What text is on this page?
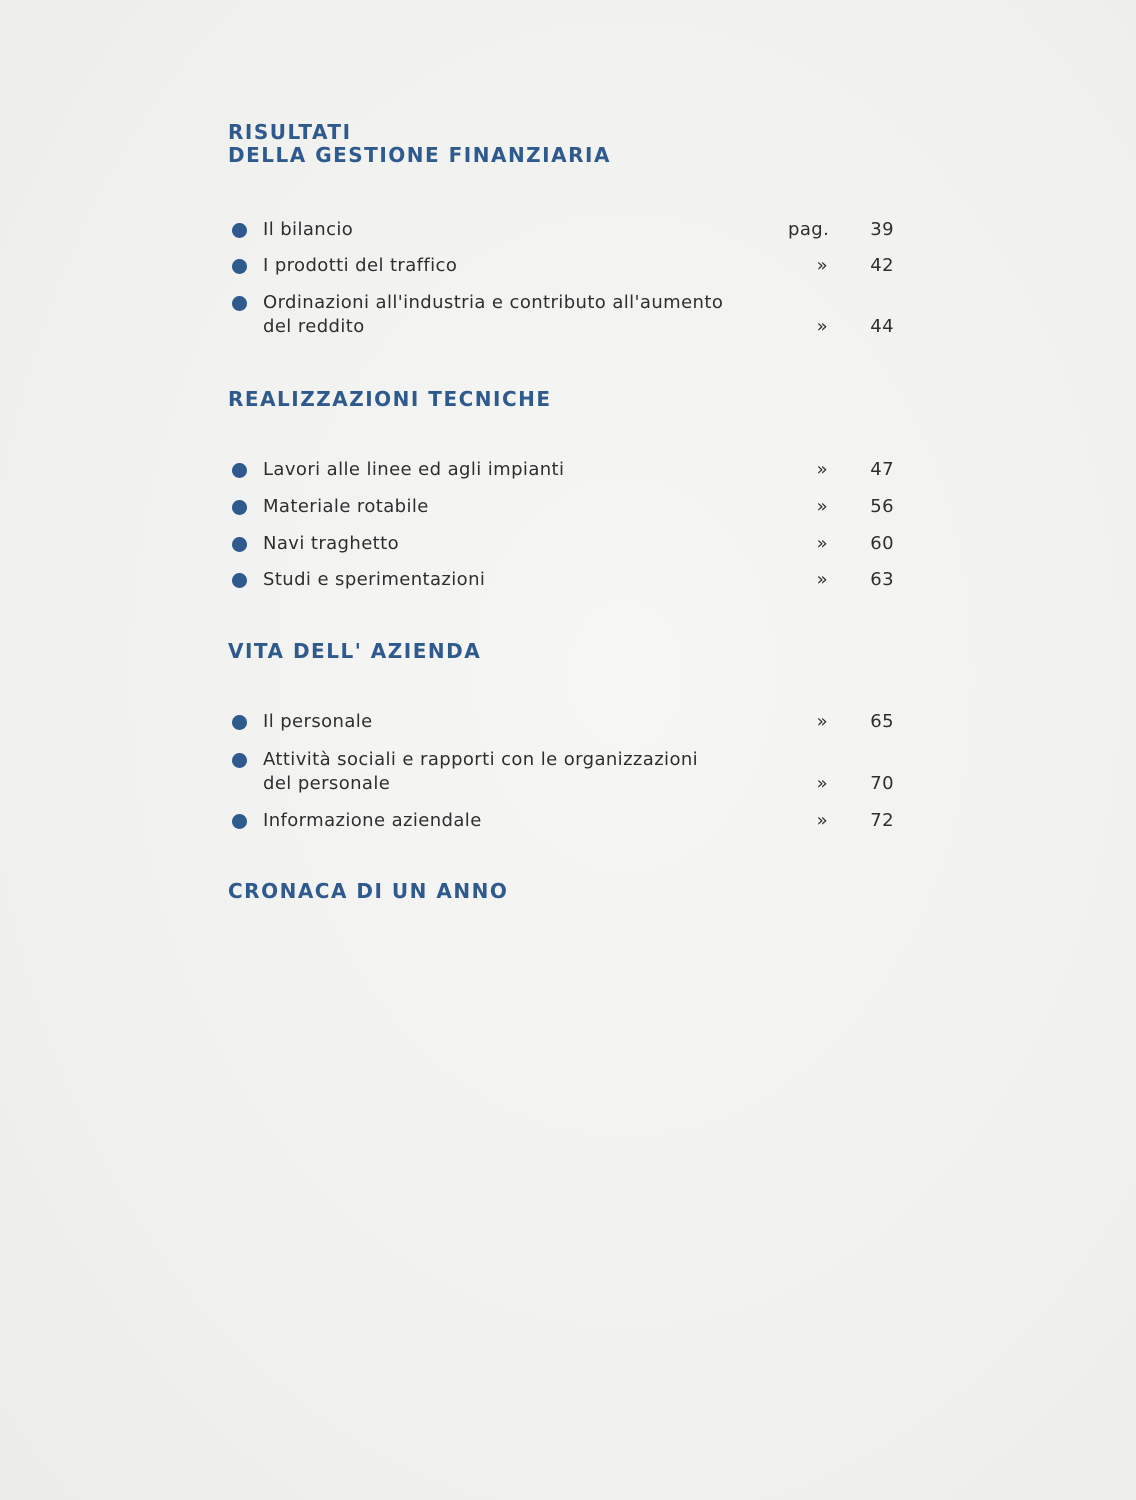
RISULTATI
DELLA GESTIONE FINANZIARIA
Il bilancio	pag.	39
I prodotti del traffico	»	42
Ordinazioni all'industria e contributo all'aumento
del reddito	»	44
REALIZZAZIONI TECNICHE
Lavori alle linee ed agli impianti	»	47
Materiale rotabile	»	56
Navi traghetto	»	60
Studi e sperimentazioni	»	63
VITA DELL' AZIENDA
Il personale	»	65
Attività sociali e rapporti con le organizzazioni
del personale	»	70
Informazione aziendale	»	72
CRONACA DI UN ANNO
